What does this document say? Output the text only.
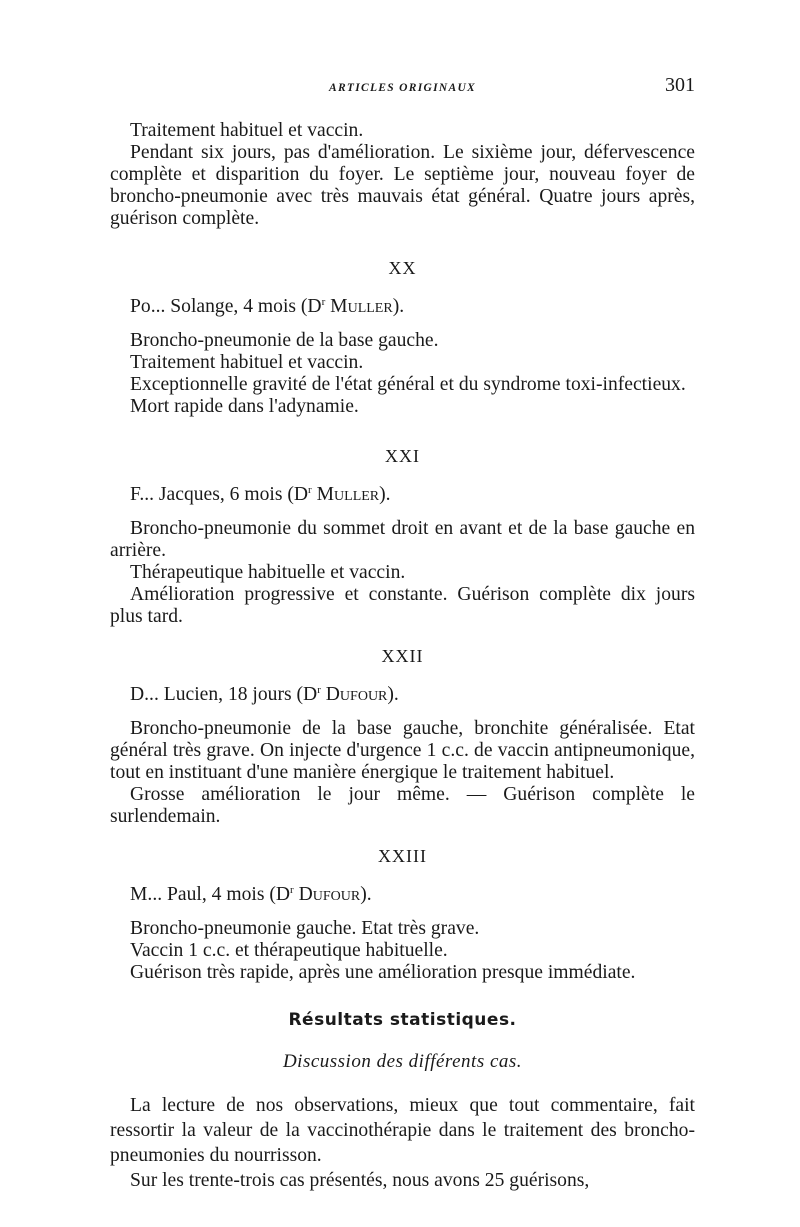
ARTICLES ORIGINAUX	301

Traitement habituel et vaccin.

Pendant six jours, pas d'amélioration. Le sixième jour, défervescence complète et disparition du foyer. Le septième jour, nouveau foyer de broncho-pneumonie avec très mauvais état général. Quatre jours après, guérison complète.

XX

Po... Solange, 4 mois ($D^r$ Muller).

Broncho-pneumonie de la base gauche.

Traitement habituel et vaccin.

Exceptionnelle gravité de l'état général et du syndrome toxi-infectieux.

Mort rapide dans l'adynamie.

XXI

F... Jacques, 6 mois ($D^r$ Muller).

Broncho-pneumonie du sommet droit en avant et de la base gauche en arrière.

Thérapeutique habituelle et vaccin.

Amélioration progressive et constante. Guérison complète dix jours plus tard.

XXII

D... Lucien, 18 jours ($D^r$ Dufour).

Broncho-pneumonie de la base gauche, bronchite généralisée. Etat général très grave. On injecte d'urgence 1 c.c. de vaccin antipneumonique, tout en instituant d'une manière énergique le traitement habituel.

Grosse amélioration le jour même. — Guérison complète le surlendemain.

XXIII

M... Paul, 4 mois ($D^r$ Dufour).

Broncho-pneumonie gauche. Etat très grave.

Vaccin 1 c.c. et thérapeutique habituelle.

Guérison très rapide, après une amélioration presque immédiate.

Résultats statistiques.
Discussion des différents cas.

La lecture de nos observations, mieux que tout commentaire, fait ressortir la valeur de la vaccinothérapie dans le traitement des broncho-pneumonies du nourrisson.

Sur les trente-trois cas présentés, nous avons 25 guérisons,
